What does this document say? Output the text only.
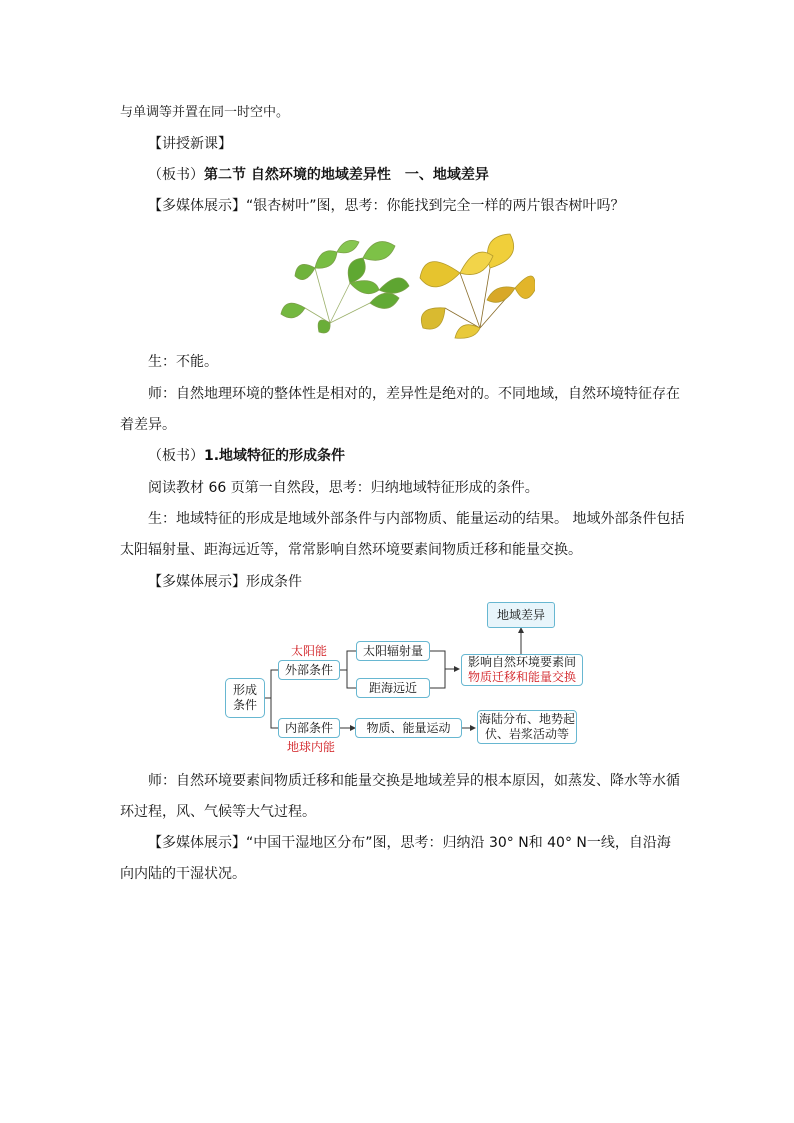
与单调等并置在同一时空中。
【讲授新课】
（板书）第二节 自然环境的地域差异性　一、地域差异
【多媒体展示】“银杏树叶”图，思考：你能找到完全一样的两片银杏树叶吗？
生：不能。
师：自然地理环境的整体性是相对的，差异性是绝对的。不同地域，自然环境特征存在
着差异。
（板书）1.地域特征的形成条件
阅读教材 66 页第一自然段，思考：归纳地域特征形成的条件。
生：地域特征的形成是地域外部条件与内部物质、能量运动的结果。 地域外部条件包括
太阳辐射量、距海远近等，常常影响自然环境要素间物质迁移和能量交换。
【多媒体展示】形成条件
形成
条件
太阳能
外部条件
内部条件
地球内能
太阳辐射量
距海远近
物质、能量运动
影响自然环境要素间
物质迁移和能量交换
地域差异
海陆分布、地势起
伏、岩浆活动等
师：自然环境要素间物质迁移和能量交换是地域差异的根本原因，如蒸发、降水等水循
环过程，风、气候等大气过程。
【多媒体展示】“中国干湿地区分布”图，思考：归纳沿 30° N和 40° N一线，自沿海
向内陆的干湿状况。
